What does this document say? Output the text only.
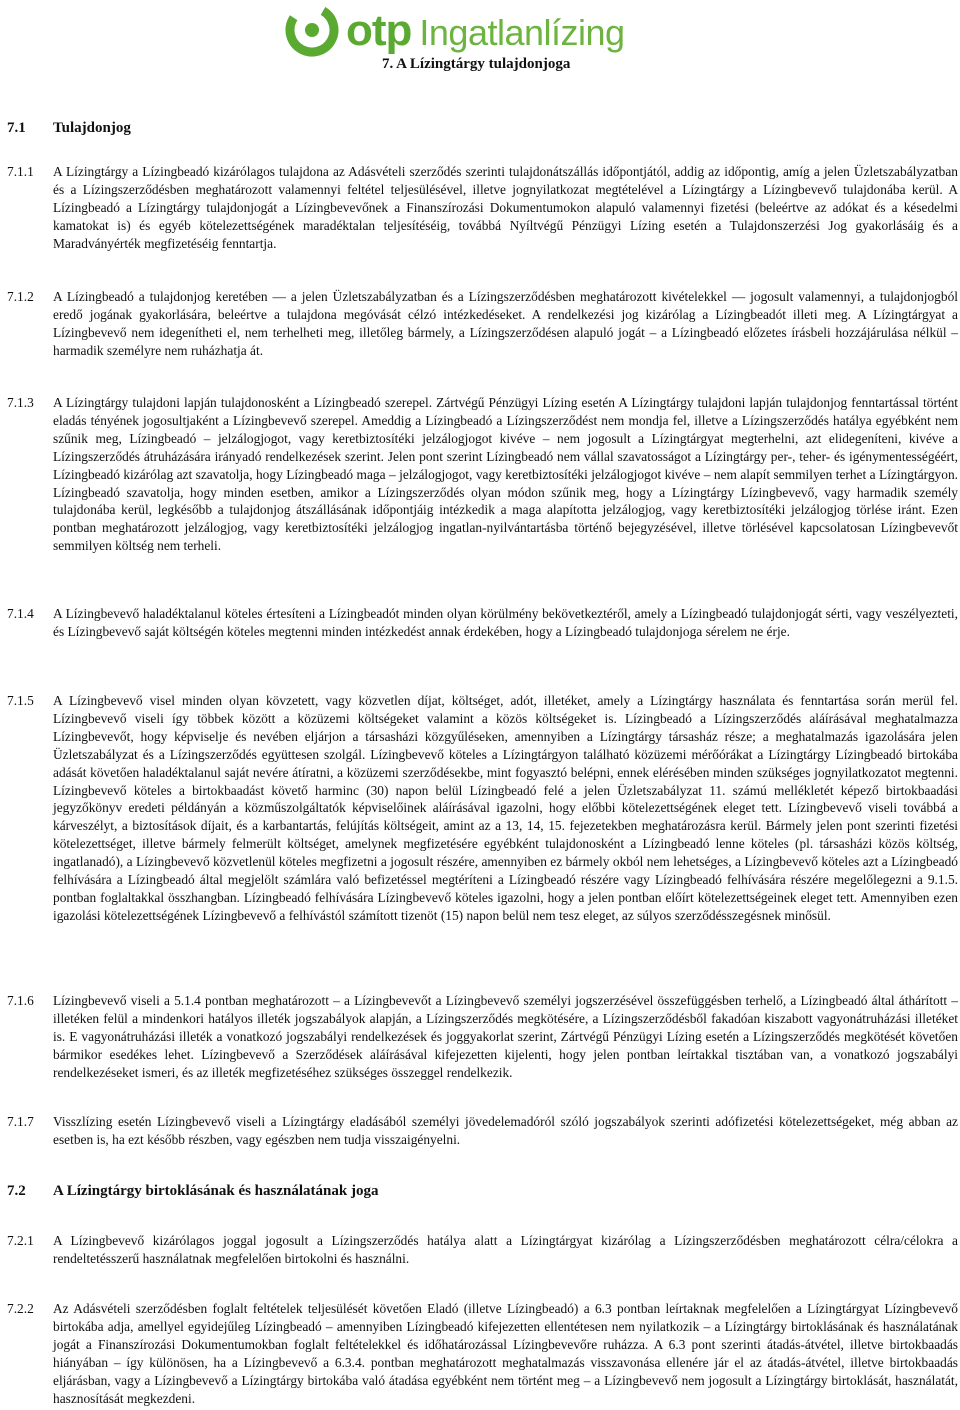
otp Ingatlanlízing
7. A Lízingtárgy tulajdonjoga
7.1 Tulajdonjog
7.1.1 A Lízingtárgy a Lízingbeadó kizárólagos tulajdona az Adásvételi szerződés szerinti tulajdonátszállás időpontjától, addig az időpontig, amíg a jelen Üzletszabályzatban és a Lízingszerződésben meghatározott valamennyi feltétel teljesülésével, illetve jognyilatkozat megtételével a Lízingtárgy a Lízingbevevő tulajdonába kerül. A Lízingbeadó a Lízingtárgy tulajdonjogát a Lízingbevevőnek a Finanszírozási Dokumentumokon alapuló valamennyi fizetési (beleértve az adókat és a késedelmi kamatokat is) és egyéb kötelezettségének maradéktalan teljesítéséig, továbbá Nyíltvégű Pénzügyi Lízing esetén a Tulajdonszerzési Jog gyakorlásáig és a Maradványérték megfizetéséig fenntartja.
7.1.2 A Lízingbeadó a tulajdonjog keretében — a jelen Üzletszabályzatban és a Lízingszerződésben meghatározott kivételekkel — jogosult valamennyi, a tulajdonjogból eredő jogának gyakorlására, beleértve a tulajdona megóvását célzó intézkedéseket. A rendelkezési jog kizárólag a Lízingbeadót illeti meg. A Lízingtárgyat a Lízingbevevő nem idegenítheti el, nem terhelheti meg, illetőleg bármely, a Lízingszerződésen alapuló jogát – a Lízingbeadó előzetes írásbeli hozzájárulása nélkül – harmadik személyre nem ruházhatja át.
7.1.3 A Lízingtárgy tulajdoni lapján tulajdonosként a Lízingbeadó szerepel. Zártvégű Pénzügyi Lízing esetén A Lízingtárgy tulajdoni lapján tulajdonjog fenntartással történt eladás tényének jogosultjaként a Lízingbevevő szerepel. Ameddig a Lízingbeadó a Lízingszerződést nem mondja fel, illetve a Lízingszerződés hatálya egyébként nem szűnik meg, Lízingbeadó – jelzálogjogot, vagy keretbiztosítéki jelzálogjogot kivéve – nem jogosult a Lízingtárgyat megterhelni, azt elidegeníteni, kivéve a Lízingszerződés átruházására irányadó rendelkezések szerint. Jelen pont szerint Lízingbeadó nem vállal szavatosságot a Lízingtárgy per-, teher- és igénymentességéért, Lízingbeadó kizárólag azt szavatolja, hogy Lízingbeadó maga – jelzálogjogot, vagy keretbiztosítéki jelzálogjogot kivéve – nem alapít semmilyen terhet a Lízingtárgyon. Lízingbeadó szavatolja, hogy minden esetben, amikor a Lízingszerződés olyan módon szűnik meg, hogy a Lízingtárgy Lízingbevevő, vagy harmadik személy tulajdonába kerül, legkésőbb a tulajdonjog átszállásának időpontjáig intézkedik a maga alapította jelzálogjog, vagy keretbiztosítéki jelzálogjog törlése iránt. Ezen pontban meghatározott jelzálogjog, vagy keretbiztosítéki jelzálogjog ingatlan-nyilvántartásba történő bejegyzésével, illetve törlésével kapcsolatosan Lízingbevevőt semmilyen költség nem terheli.
7.1.4 A Lízingbevevő haladéktalanul köteles értesíteni a Lízingbeadót minden olyan körülmény bekövetkeztéről, amely a Lízingbeadó tulajdonjogát sérti, vagy veszélyezteti, és Lízingbevevő saját költségén köteles megtenni minden intézkedést annak érdekében, hogy a Lízingbeadó tulajdonjoga sérelem ne érje.
7.1.5 A Lízingbevevő visel minden olyan kövzetett, vagy közvetlen díjat, költséget, adót, illetéket, amely a Lízingtárgy használata és fenntartása során merül fel. Lízingbevevő viseli így többek között a közüzemi költségeket valamint a közös költségeket is. Lízingbeadó a Lízingszerződés aláírásával meghatalmazza Lízingbevevőt, hogy képviselje és nevében eljárjon a társasházi közgyűléseken, amennyiben a Lízingtárgy társasház része; a meghatalmazás igazolására jelen Üzletszabályzat és a Lízingszerződés együttesen szolgál. Lízingbevevő köteles a Lízingtárgyon található közüzemi mérőórákat a Lízingtárgy Lízingbeadó birtokába adását követően haladéktalanul saját nevére átíratni, a közüzemi szerződésekbe, mint fogyasztó belépni, ennek elérésében minden szükséges jognyilatkozatot megtenni. Lízingbevevő köteles a birtokbaadást követő harminc (30) napon belül Lízingbeadó felé a jelen Üzletszabályzat 11. számú mellékletét képező birtokbaadási jegyzőkönyv eredeti példányán a közműszolgáltatók képviselőinek aláírásával igazolni, hogy előbbi kötelezettségének eleget tett. Lízingbevevő viseli továbbá a kárveszélyt, a biztosítások díjait, és a karbantartás, felújítás költségeit, amint az a 13, 14, 15. fejezetekben meghatározásra kerül. Bármely jelen pont szerinti fizetési kötelezettséget, illetve bármely felmerült költséget, amelynek megfizetésére egyébként tulajdonosként a Lízingbeadó lenne köteles (pl. társasházi közös költség, ingatlanadó), a Lízingbevevő közvetlenül köteles megfizetni a jogosult részére, amennyiben ez bármely okból nem lehetséges, a Lízingbevevő köteles azt a Lízingbeadó felhívására a Lízingbeadó által megjelölt számlára való befizetéssel megtéríteni a Lízingbeadó részére vagy Lízingbeadó felhívására részére megelőlegezni a 9.1.5. pontban foglaltakkal összhangban. Lízingbeadó felhívására Lízingbevevő köteles igazolni, hogy a jelen pontban előírt kötelezettségeinek eleget tett. Amennyiben ezen igazolási kötelezettségének Lízingbevevő a felhívástól számított tizenöt (15) napon belül nem tesz eleget, az súlyos szerződésszegésnek minősül.
7.1.6 Lízingbevevő viseli a 5.1.4 pontban meghatározott – a Lízingbevevőt a Lízingbevevő személyi jogszerzésével összefüggésben terhelő, a Lízingbeadó által áthárított – illetéken felül a mindenkori hatályos illeték jogszabályok alapján, a Lízingszerződés megkötésére, a Lízingszerződésből fakadóan kiszabott vagyonátruházási illetéket is. E vagyonátruházási illeték a vonatkozó jogszabályi rendelkezések és joggyakorlat szerint, Zártvégű Pénzügyi Lízing esetén a Lízingszerződés megkötését követően bármikor esedékes lehet. Lízingbevevő a Szerződések aláírásával kifejezetten kijelenti, hogy jelen pontban leírtakkal tisztában van, a vonatkozó jogszabályi rendelkezéseket ismeri, és az illeték megfizetéséhez szükséges összeggel rendelkezik.
7.1.7 Visszlízing esetén Lízingbevevő viseli a Lízingtárgy eladásából személyi jövedelemadóról szóló jogszabályok szerinti adófizetési kötelezettségeket, még abban az esetben is, ha ezt később részben, vagy egészben nem tudja visszaigényelni.
7.2 A Lízingtárgy birtoklásának és használatának joga
7.2.1 A Lízingbevevő kizárólagos joggal jogosult a Lízingszerződés hatálya alatt a Lízingtárgyat kizárólag a Lízingszerződésben meghatározott célra/célokra a rendeltetésszerű használatnak megfelelően birtokolni és használni.
7.2.2 Az Adásvételi szerződésben foglalt feltételek teljesülését követően Eladó (illetve Lízingbeadó) a 6.3 pontban leírtaknak megfelelően a Lízingtárgyat Lízingbevevő birtokába adja, amellyel egyidejűleg Lízingbeadó – amennyiben Lízingbeadó kifejezetten ellentétesen nem nyilatkozik – a Lízingtárgy birtoklásának és használatának jogát a Finanszírozási Dokumentumokban foglalt feltételekkel és időhatározással Lízingbevevőre ruházza. A 6.3 pont szerinti átadás-átvétel, illetve birtokbaadás hiányában – így különösen, ha a Lízingbevevő a 6.3.4. pontban meghatározott meghatalmazás visszavonása ellenére jár el az átadás-átvétel, illetve birtokbaadás eljárásban, vagy a Lízingbevevő a Lízingtárgy birtokába való átadása egyébként nem történt meg – a Lízingbevevő nem jogosult a Lízingtárgy birtoklását, használatát, hasznosítását megkezdeni.
